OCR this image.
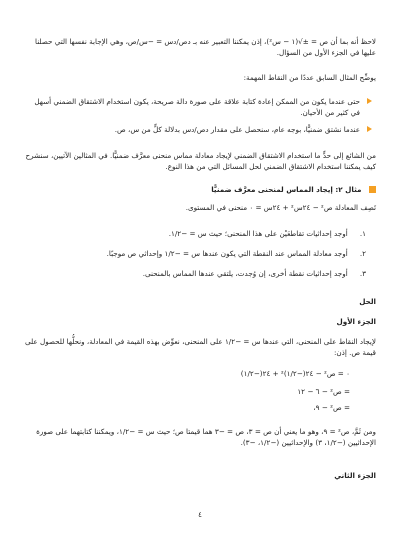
لاحظ أنه بما أن ص = ±√(١ − س²)، إذن يمكننا التعبير عنه بـ دص/دس = −س/ص، وهي الإجابة نفسها التي حصلنا عليها في الجزء الأول من السؤال.

يوضِّح المثال السابق عددًا من النقاط المهمة:

حتى عندما يكون من الممكن إعادة كتابة علاقة على صورة دالة صريحة، يكون استخدام الاشتقاق الضمني أسهل في كثير من الأحيان.
عندما نشتق ضمنيًّا، بوجه عام، سنحصل على مقدار دص/دس بدلالة كلٍّ من س، ص.

من الشائع إلى حدٍّ ما استخدام الاشتقاق الضمني لإيجاد معادلة مماس منحنى معرَّف ضمنيًّا. في المثالين الآتيين، سنشرح كيف يمكننا استخدام الاشتقاق الضمني لحل المسائل التي من هذا النوع.

مثال ٢: إيجاد المماس لمنحنى معرَّف ضمنيًّا

تَصِف المعادلة ص² − ٢٤س² + ٢٤س = ٠ منحنى في المستوى.

١. أوجد إحداثيات تقاطعَيْن على هذا المنحنى؛ حيث س = −١/٢.
٢. أوجد معادلة المماس عند النقطة التي يكون عندها س = −١/٢ وإحداثي ص موجبًا.
٣. أوجد إحداثيات نقطة أخرى، إن وُجدت، يلتقي عندها المماس بالمنحنى.
الحل
الجزء الأول

لإيجاد النقاط على المنحنى، التي عندها س = −١/٢ على المنحنى، نعوِّض بهذه القيمة في المعادلة، ونحلُّها للحصول على قيمة ص. إذن:

٠ = ص² − ٢٤(−١/٢)² + ٢٤(−١/٢)
= ص² − ٦ − ١٢
= ص² − ٩،

ومن ثَمَّ، ص² = ٩، وهو ما يعني أن ص = ٣، ص = −٣ هما قيمتا ص؛ حيث س = −١/٢، ويمكننا كتابتهما على صورة الإحداثيين (−١/٢، ٣) والإحداثيين (−١/٢، −٣).

الجزء الثاني
٤
